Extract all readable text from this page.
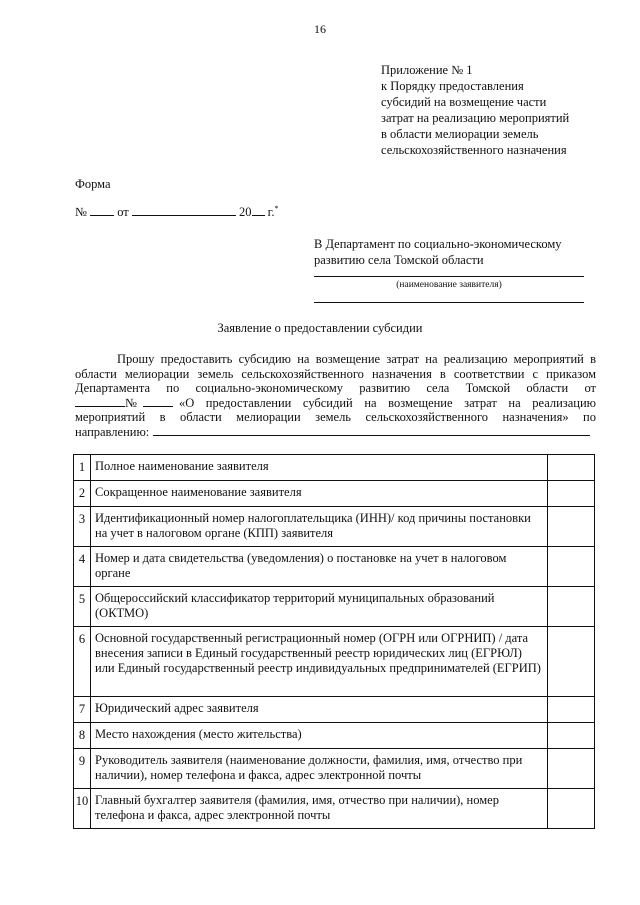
16
Приложение № 1
к Порядку предоставления
субсидий на возмещение части
затрат на реализацию мероприятий
в области мелиорации земель
сельскохозяйственного назначения
Форма
№ от	20 г.*
В Департамент по социально-экономическому
развитию села Томской области
(наименование заявителя)
Заявление о предоставлении субсидии
Прошу предоставить субсидию на возмещение затрат на реализацию мероприятий в
области мелиорации земель сельскохозяйственного назначения в соответствии с приказом
Департамента по социально-экономическому развитию села Томской области от
№	«О предоставлении субсидий на возмещение затрат на реализацию
мероприятий в области мелиорации земель сельскохозяйственного назначения» по
направлению:
1	Полное наименование заявителя	
2	Сокращенное наименование заявителя	
3	Идентификационный номер налогоплательщика (ИНН)/ код причины постановки на учет в налоговом органе (КПП) заявителя	
4	Номер и дата свидетельства (уведомления) о постановке на учет в налоговом органе	
5	Общероссийский классификатор территорий муниципальных образований (ОКТМО)	
6	Основной государственный регистрационный номер (ОГРН или ОГРНИП) / дата внесения записи в Единый государственный реестр юридических лиц (ЕГРЮЛ) или Единый государственный реестр индивидуальных предпринимателей (ЕГРИП)	
7	Юридический адрес заявителя	
8	Место нахождения (место жительства)	
9	Руководитель заявителя (наименование должности, фамилия, имя, отчество при наличии), номер телефона и факса, адрес электронной почты	
10	Главный бухгалтер заявителя (фамилия, имя, отчество при наличии), номер телефона и факса, адрес электронной почты	
